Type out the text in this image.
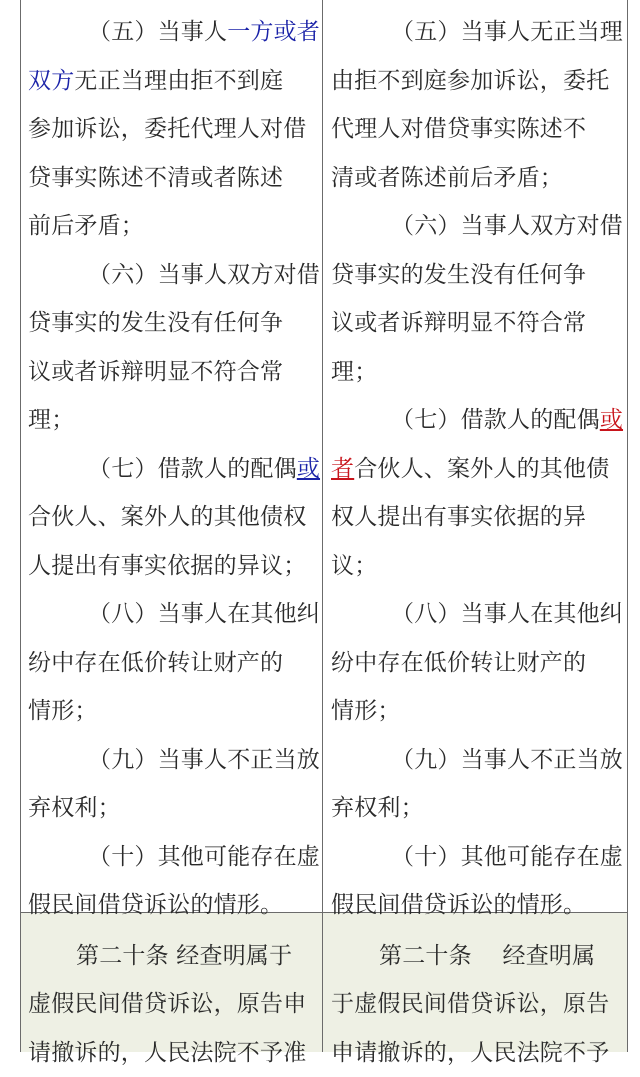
（五）当事人一方或者
双方无正当理由拒不到庭
参加诉讼，委托代理人对借
贷事实陈述不清或者陈述
前后矛盾；

（六）当事人双方对借
贷事实的发生没有任何争
议或者诉辩明显不符合常
理；

（七）借款人的配偶或
合伙人、案外人的其他债权
人提出有事实依据的异议；

（八）当事人在其他纠
纷中存在低价转让财产的
情形；

（九）当事人不正当放
弃权利；

（十）其他可能存在虚
假民间借贷诉讼的情形。

第二十条 经查明属于
虚假民间借贷诉讼，原告申
请撤诉的，人民法院不予准

（五）当事人无正当理
由拒不到庭参加诉讼，委托
代理人对借贷事实陈述不
清或者陈述前后矛盾；

（六）当事人双方对借
贷事实的发生没有任何争
议或者诉辩明显不符合常
理；

（七）借款人的配偶或
者合伙人、案外人的其他债
权人提出有事实依据的异
议；

（八）当事人在其他纠
纷中存在低价转让财产的
情形；

（九）当事人不正当放
弃权利；

（十）其他可能存在虚
假民间借贷诉讼的情形。

第二十条　 经查明属
于虚假民间借贷诉讼，原告
申请撤诉的，人民法院不予
